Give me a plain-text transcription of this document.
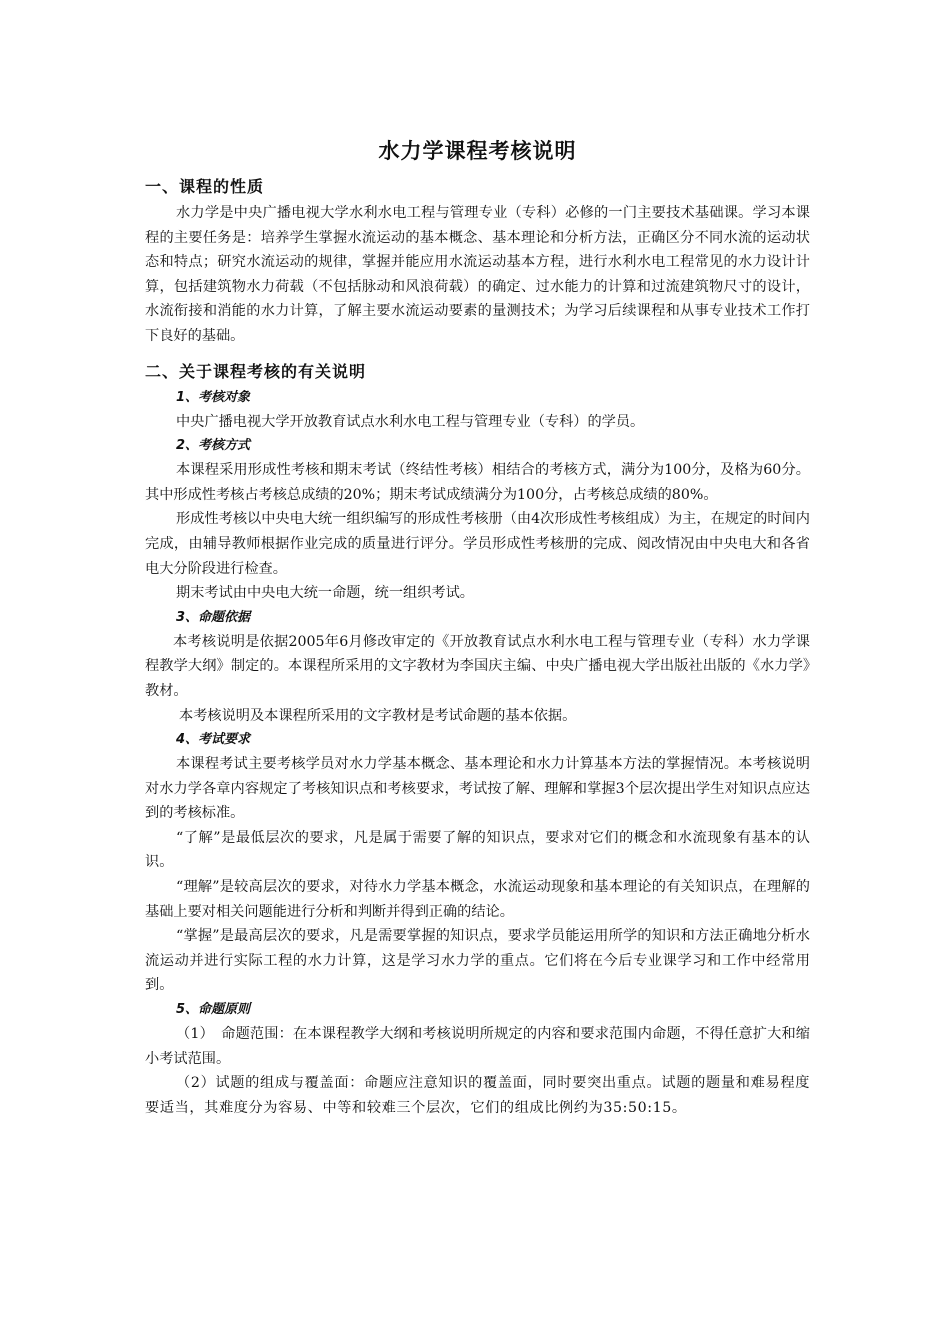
水力学课程考核说明
一、课程的性质

水力学是中央广播电视大学水利水电工程与管理专业（专科）必修的一门主要技术基础课。学习本课程的主要任务是：培养学生掌握水流运动的基本概念、基本理论和分析方法，正确区分不同水流的运动状态和特点；研究水流运动的规律，掌握并能应用水流运动基本方程，进行水利水电工程常见的水力设计计算，包括建筑物水力荷载（不包括脉动和风浪荷载）的确定、过水能力的计算和过流建筑物尺寸的设计，水流衔接和消能的水力计算，了解主要水流运动要素的量测技术；为学习后续课程和从事专业技术工作打下良好的基础。

二、关于课程考核的有关说明
1、考核对象

中央广播电视大学开放教育试点水利水电工程与管理专业（专科）的学员。

2、考核方式

本课程采用形成性考核和期末考试（终结性考核）相结合的考核方式，满分为100分，及格为60分。其中形成性考核占考核总成绩的20%；期末考试成绩满分为100分，占考核总成绩的80%。

形成性考核以中央电大统一组织编写的形成性考核册（由4次形成性考核组成）为主，在规定的时间内完成，由辅导教师根据作业完成的质量进行评分。学员形成性考核册的完成、阅改情况由中央电大和各省电大分阶段进行检查。

期末考试由中央电大统一命题，统一组织考试。

3、命题依据

本考核说明是依据2005年6月修改审定的《开放教育试点水利水电工程与管理专业（专科）水力学课程教学大纲》制定的。本课程所采用的文字教材为李国庆主编、中央广播电视大学出版社出版的《水力学》教材。

本考核说明及本课程所采用的文字教材是考试命题的基本依据。

4、考试要求

本课程考试主要考核学员对水力学基本概念、基本理论和水力计算基本方法的掌握情况。本考核说明对水力学各章内容规定了考核知识点和考核要求，考试按了解、理解和掌握3个层次提出学生对知识点应达到的考核标准。

“了解”是最低层次的要求，凡是属于需要了解的知识点，要求对它们的概念和水流现象有基本的认识。

“理解”是较高层次的要求，对待水力学基本概念，水流运动现象和基本理论的有关知识点，在理解的基础上要对相关问题能进行分析和判断并得到正确的结论。

“掌握”是最高层次的要求，凡是需要掌握的知识点，要求学员能运用所学的知识和方法正确地分析水流运动并进行实际工程的水力计算，这是学习水力学的重点。它们将在今后专业课学习和工作中经常用到。

5、命题原则

（1）　命题范围：在本课程教学大纲和考核说明所规定的内容和要求范围内命题，不得任意扩大和缩小考试范围。

（2）试题的组成与覆盖面：命题应注意知识的覆盖面，同时要突出重点。试题的题量和难易程度要适当，其难度分为容易、中等和较难三个层次，它们的组成比例约为35:50:15。
